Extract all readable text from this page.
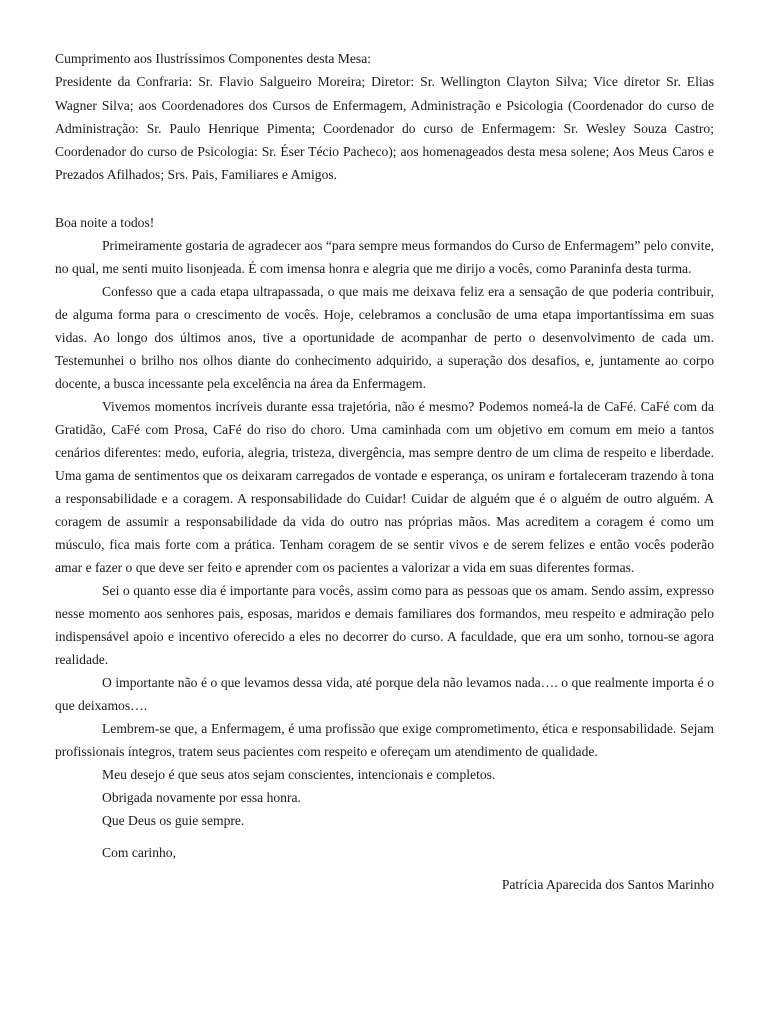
Cumprimento aos Ilustríssimos Componentes desta Mesa:

Presidente da Confraria: Sr. Flavio Salgueiro Moreira; Diretor: Sr. Wellington Clayton Silva; Vice diretor Sr. Elias Wagner Silva; aos Coordenadores dos Cursos de Enfermagem, Administração e Psicologia (Coordenador do curso de Administração: Sr. Paulo Henrique Pimenta; Coordenador do curso de Enfermagem: Sr. Wesley Souza Castro; Coordenador do curso de Psicologia: Sr. Éser Técio Pacheco); aos homenageados desta mesa solene; Aos Meus Caros e Prezados Afilhados; Srs. Pais, Familiares e Amigos.

Boa noite a todos!

Primeiramente gostaria de agradecer aos “para sempre meus formandos do Curso de Enfermagem” pelo convite, no qual, me senti muito lisonjeada. É com imensa honra e alegria que me dirijo a vocês, como Paraninfa desta turma.

Confesso que a cada etapa ultrapassada, o que mais me deixava feliz era a sensação de que poderia contribuir, de alguma forma para o crescimento de vocês. Hoje, celebramos a conclusão de uma etapa importantíssima em suas vidas. Ao longo dos últimos anos, tive a oportunidade de acompanhar de perto o desenvolvimento de cada um. Testemunhei o brilho nos olhos diante do conhecimento adquirido, a superação dos desafios, e, juntamente ao corpo docente, a busca incessante pela excelência na área da Enfermagem.

Vivemos momentos incríveis durante essa trajetória, não é mesmo? Podemos nomeá-la de CaFé. CaFé com da Gratidão, CaFé com Prosa, CaFé do riso do choro. Uma caminhada com um objetivo em comum em meio a tantos cenários diferentes: medo, euforia, alegria, tristeza, divergência, mas sempre dentro de um clima de respeito e liberdade. Uma gama de sentimentos que os deixaram carregados de vontade e esperança, os uniram e fortaleceram trazendo à tona a responsabilidade e a coragem. A responsabilidade do Cuidar! Cuidar de alguém que é o alguém de outro alguém. A coragem de assumir a responsabilidade da vida do outro nas próprias mãos. Mas acreditem a coragem é como um músculo, fica mais forte com a prática. Tenham coragem de se sentir vivos e de serem felizes e então vocês poderão amar e fazer o que deve ser feito e aprender com os pacientes a valorizar a vida em suas diferentes formas.

Sei o quanto esse dia é importante para vocês, assim como para as pessoas que os amam. Sendo assim, expresso nesse momento aos senhores pais, esposas, maridos e demais familiares dos formandos, meu respeito e admiração pelo indispensável apoio e incentivo oferecido a eles no decorrer do curso. A faculdade, que era um sonho, tornou-se agora realidade.

O importante não é o que levamos dessa vida, até porque dela não levamos nada…. o que realmente importa é o que deixamos….

Lembrem-se que, a Enfermagem, é uma profissão que exige comprometimento, ética e responsabilidade. Sejam profissionais íntegros, tratem seus pacientes com respeito e ofereçam um atendimento de qualidade.

Meu desejo é que seus atos sejam conscientes, intencionais e completos.

Obrigada novamente por essa honra.

Que Deus os guie sempre.

Com carinho,

Patrícia Aparecida dos Santos Marinho
